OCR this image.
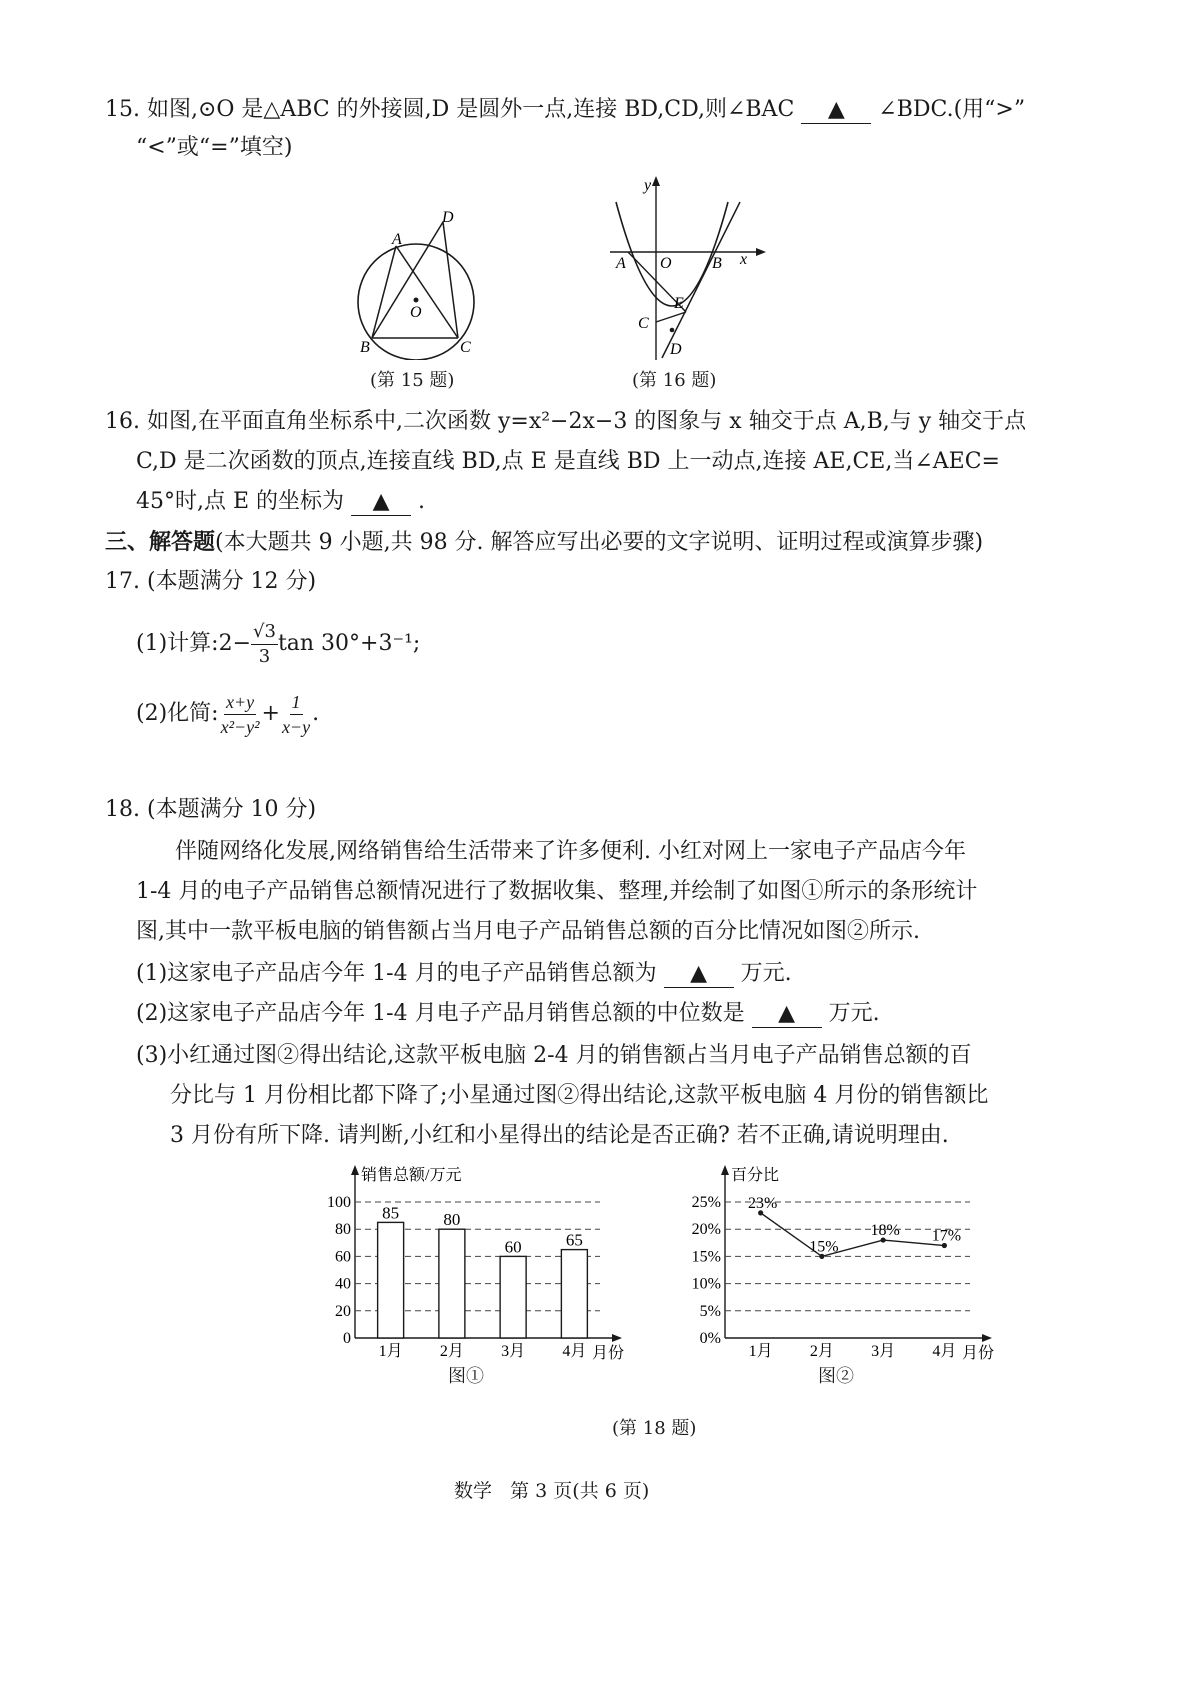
15. 如图,⊙O 是△ABC 的外接圆,D 是圆外一点,连接 BD,CD,则∠BAC ▲ ∠BDC.(用“>”
“<”或“=”填空)
A
D
O
B	C
(第 15 题)
y
x
A O	B
E
C
D
(第 16 题)
16. 如图,在平面直角坐标系中,二次函数 y=x²−2x−3 的图象与 x 轴交于点 A,B,与 y 轴交于点
C,D 是二次函数的顶点,连接直线 BD,点 E 是直线 BD 上一动点,连接 AE,CE,当∠AEC=
45°时,点 E 的坐标为 ▲ .
三、解答题(本大题共 9 小题,共 98 分. 解答应写出必要的文字说明、证明过程或演算步骤)
17. (本题满分 12 分)
(1)计算:2− $\frac{√3}{3}$ tan 30°+3⁻¹;
(2)化简: $\frac{x+y}{\text{x²−y²}} + \frac{1}{x-y}$ .
18. (本题满分 10 分)
伴随网络化发展,网络销售给生活带来了许多便利. 小红对网上一家电子产品店今年
1-4 月的电子产品销售总额情况进行了数据收集、整理,并绘制了如图①所示的条形统计
图,其中一款平板电脑的销售额占当月电子产品销售总额的百分比情况如图②所示.
(1)这家电子产品店今年 1-4 月的电子产品销售总额为 ▲ 万元.
(2)这家电子产品店今年 1-4 月电子产品月销售总额的中位数是 ▲ 万元.
(3)小红通过图②得出结论,这款平板电脑 2-4 月的销售额占当月电子产品销售总额的百
分比与 1 月份相比都下降了;小星通过图②得出结论,这款平板电脑 4 月份的销售额比
3 月份有所下降. 请判断,小红和小星得出的结论是否正确? 若不正确,请说明理由.
销售总额/万元
月份
0
20
40
60
80
100
1月 2月 3月 4月
85	80
60	65
图①
百分比
月份
0%
5%
10%
15%
20%
25%
1月 2月 3月 4月
23%
15%
18% 17%
图②
(第 18 题)
数学   第 3 页(共 6 页)
